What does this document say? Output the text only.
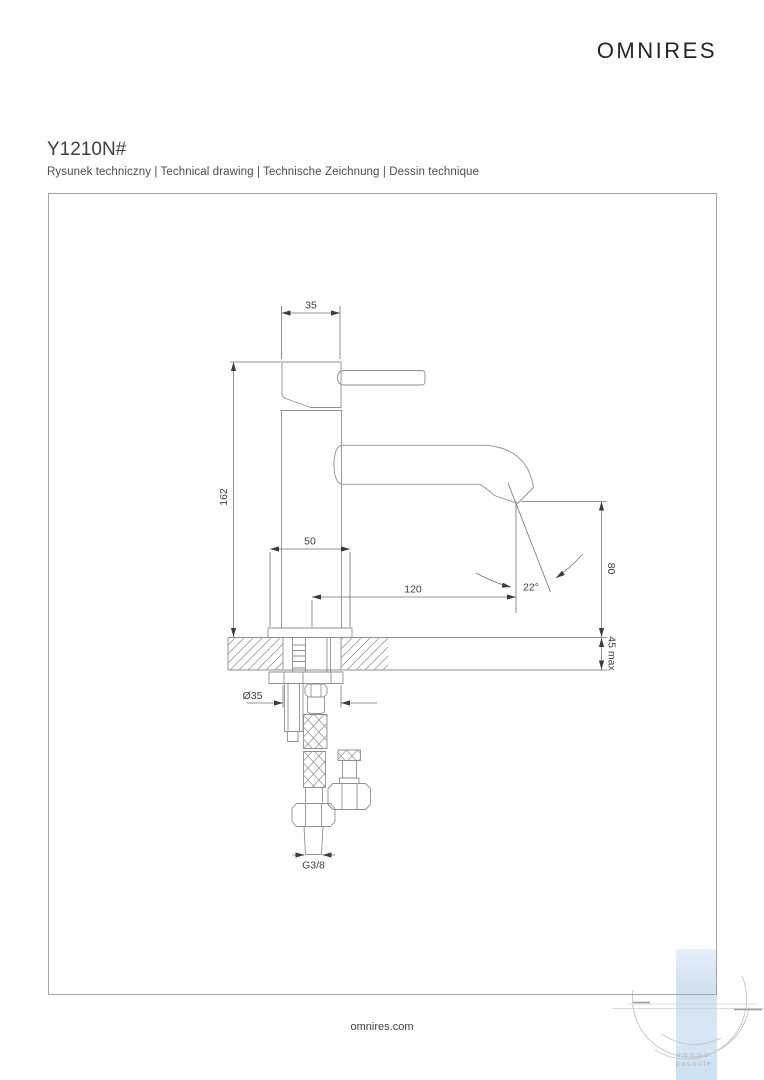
OMNIRES
Y1210N#
Rysunek techniczny | Technical drawing | Technische Zeichnung | Dessin technique
vannu
pasaule
35
162
50
120	22°
80
45 max
Ø35
G3/8
omnires.com
